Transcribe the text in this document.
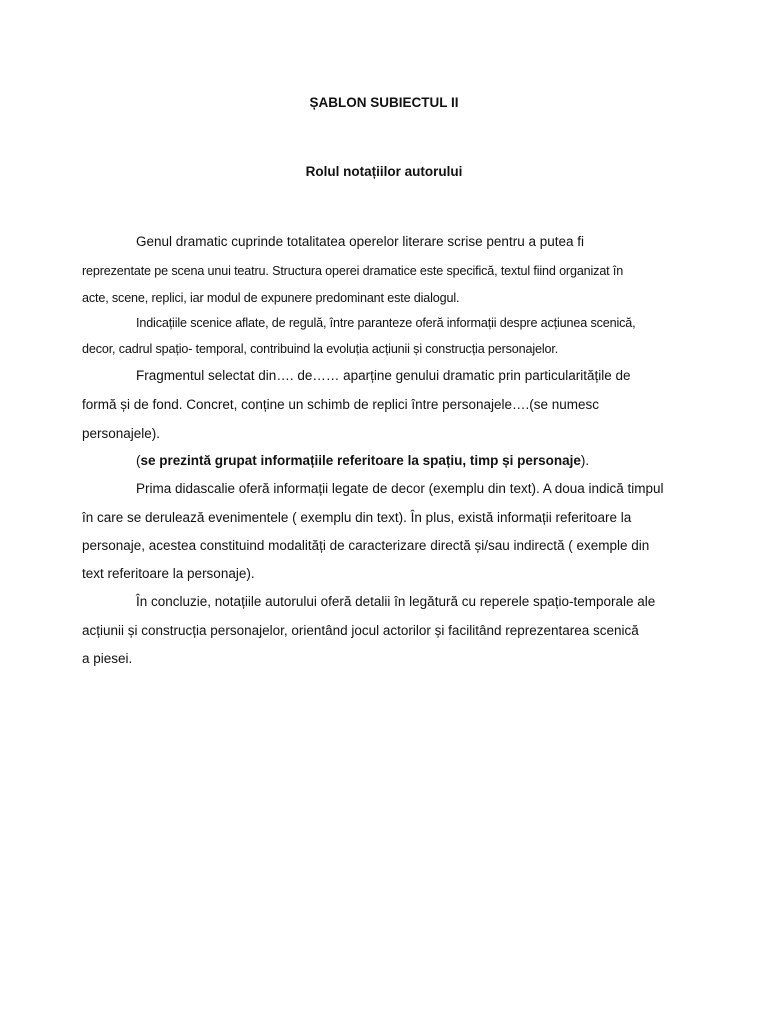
ȘABLON SUBIECTUL II
Rolul notațiilor autorului
Genul dramatic cuprinde totalitatea operelor literare scrise pentru a putea fi
reprezentate pe scena unui teatru. Structura operei dramatice este specifică, textul fiind organizat în
acte, scene, replici, iar modul de expunere predominant este dialogul.
Indicațiile scenice aflate, de regulă, între paranteze oferă informații despre acțiunea scenică,
decor, cadrul spațio- temporal, contribuind la evoluția acțiunii și construcția personajelor.
Fragmentul selectat din…. de…… aparține genului dramatic prin particularitățile de
formă și de fond. Concret, conține un schimb de replici între personajele….(se numesc
personajele).
(se prezintă grupat informațiile referitoare la spațiu, timp și personaje).
Prima didascalie oferă informații legate de decor (exemplu din text). A doua indică timpul
în care se derulează evenimentele ( exemplu din text). În plus, există informații referitoare la
personaje, acestea constituind modalități de caracterizare directă și/sau indirectă ( exemple din
text referitoare la personaje).
În concluzie, notațiile autorului oferă detalii în legătură cu reperele spațio-temporale ale
acțiunii și construcția personajelor, orientând jocul actorilor și facilitând reprezentarea scenică
a piesei.
